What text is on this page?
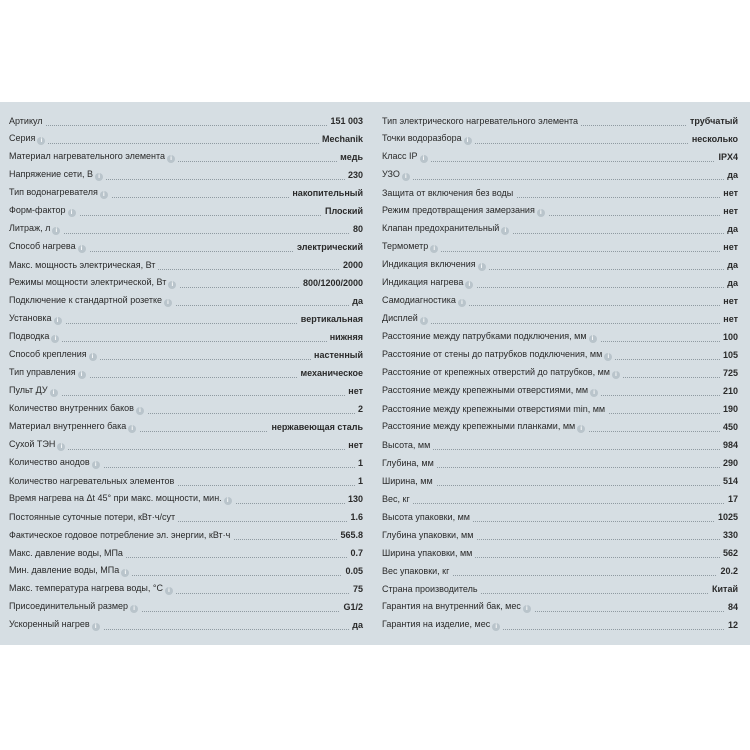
Артикул	151 003
Серия i	Mechanik
Материал нагревательного элемента i	медь
Напряжение сети, В i	230
Тип водонагревателя i	накопительный
Форм-фактор i	Плоский
Литраж, л i	80
Способ нагрева i	электрический
Макс. мощность электрическая, Вт	2000
Режимы мощности электрической, Вт i	800/1200/2000
Подключение к стандартной розетке i	да
Установка i	вертикальная
Подводка i	нижняя
Способ крепления i	настенный
Тип управления i	механическое
Пульт ДУ i	нет
Количество внутренних баков i	2
Материал внутреннего бака i	нержавеющая сталь
Сухой ТЭН i	нет
Количество анодов i	1
Количество нагревательных элементов	1
Время нагрева на Δt 45° при макс. мощности, мин. i	130
Постоянные суточные потери, кВт·ч/сут	1.6
Фактическое годовое потребление эл. энергии, кВт·ч	565.8
Макс. давление воды, МПа	0.7
Мин. давление воды, МПа i	0.05
Макс. температура нагрева воды, °С i	75
Присоединительный размер i	G1/2
Ускоренный нагрев i	да
Тип электрического нагревательного элемента	трубчатый
Точки водоразбора i	несколько
Класс IP i	IPX4
УЗО i	да
Защита от включения без воды	нет
Режим предотвращения замерзания i	нет
Клапан предохранительный i	да
Термометр i	нет
Индикация включения i	да
Индикация нагрева i	да
Самодиагностика i	нет
Дисплей i	нет
Расстояние между патрубками подключения, мм i	100
Расстояние от стены до патрубков подключения, мм i	105
Расстояние от крепежных отверстий до патрубков, мм i	725
Расстояние между крепежными отверстиями, мм i	210
Расстояние между крепежными отверстиями min, мм	190
Расстояние между крепежными планками, мм i	450
Высота, мм	984
Глубина, мм	290
Ширина, мм	514
Вес, кг	17
Высота упаковки, мм	1025
Глубина упаковки, мм	330
Ширина упаковки, мм	562
Вес упаковки, кг	20.2
Страна производитель	Китай
Гарантия на внутренний бак, мес i	84
Гарантия на изделие, мес i	12
